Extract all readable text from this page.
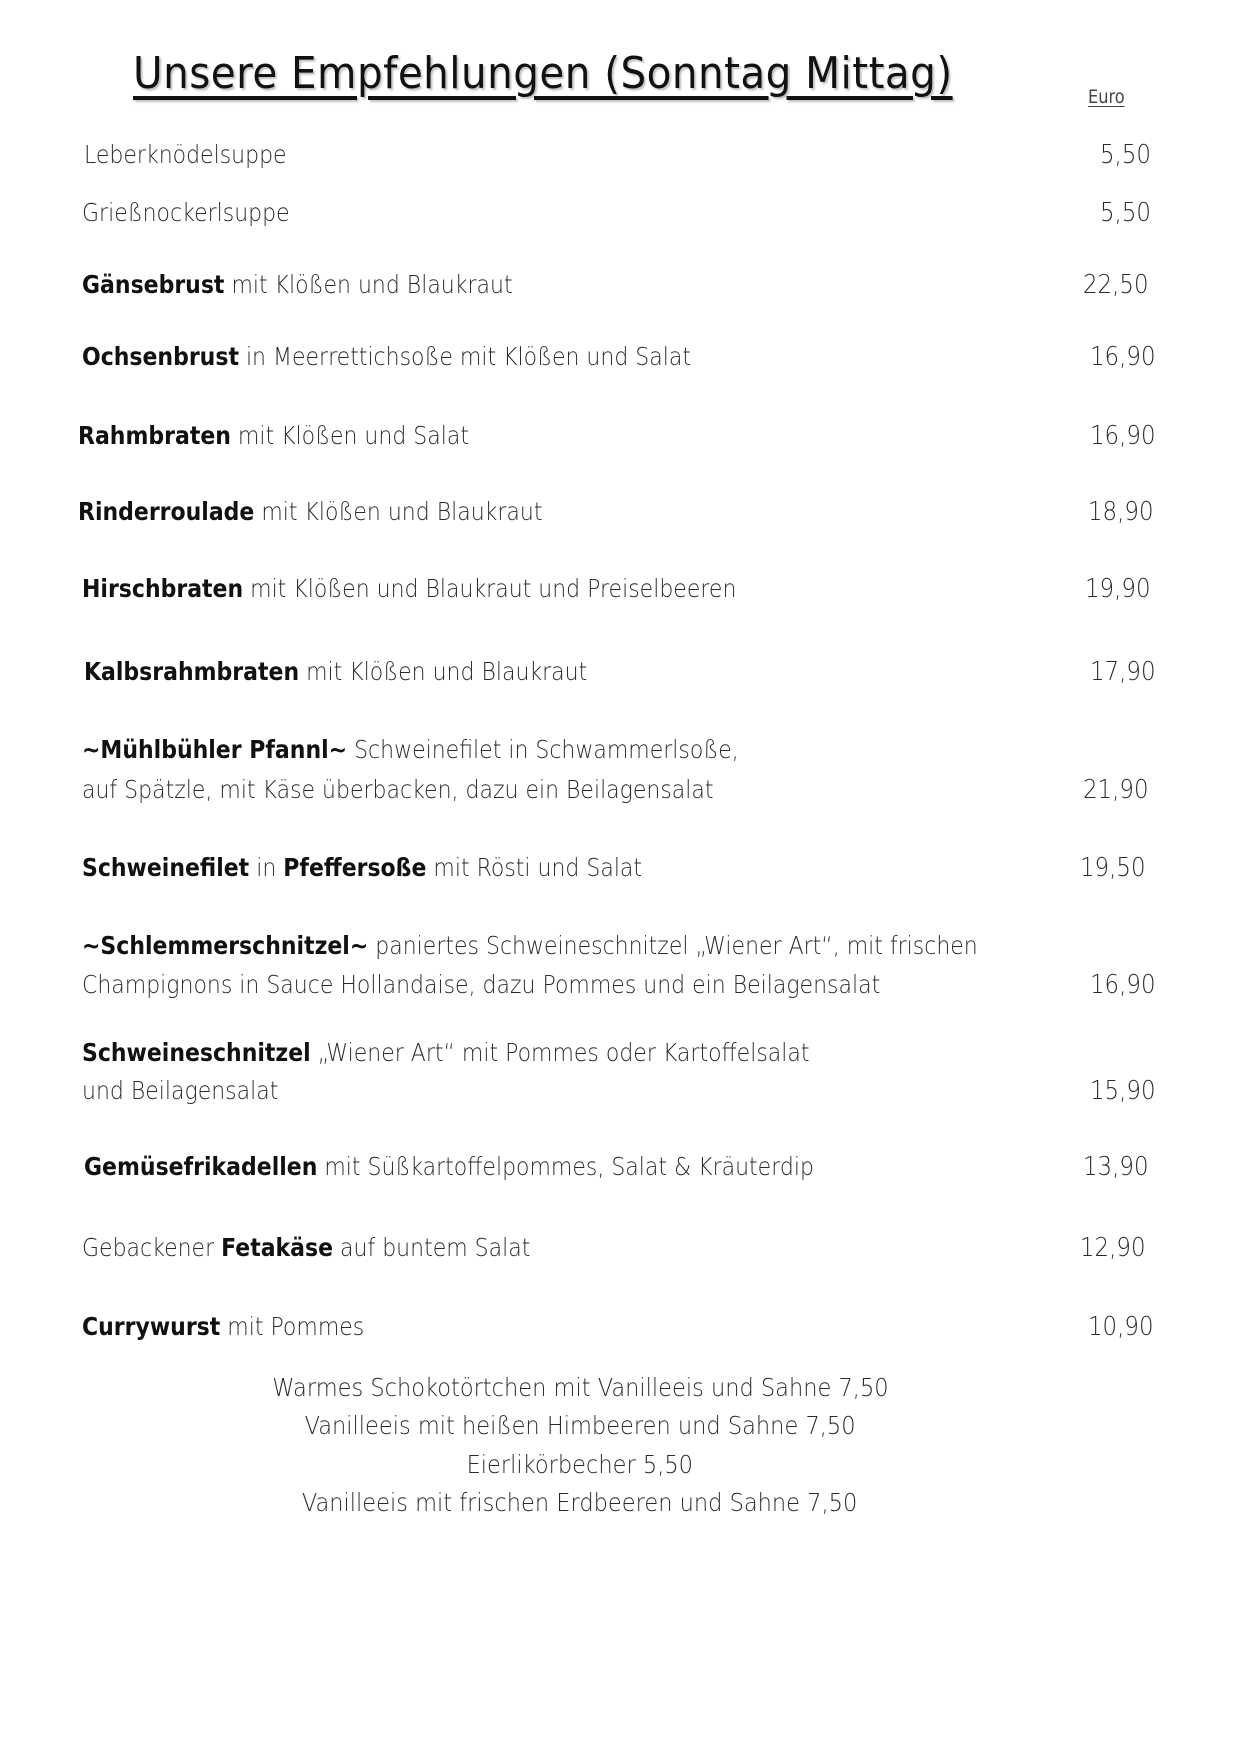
Unsere Empfehlungen (Sonntag Mittag)	Euro
Leberknödelsuppe	5,50
Grießnockerlsuppe	5,50
Gänsebrust mit Klößen und Blaukraut	22,50
Ochsenbrust in Meerrettichsoße mit Klößen und Salat	16,90
Rahmbraten mit Klößen und Salat	16,90
Rinderroulade mit Klößen und Blaukraut	18,90
Hirschbraten mit Klößen und Blaukraut und Preiselbeeren	19,90
Kalbsrahmbraten mit Klößen und Blaukraut	17,90
~Mühlbühler Pfannl~ Schweinefilet in Schwammerlsoße,
auf Spätzle, mit Käse überbacken, dazu ein Beilagensalat	21,90
Schweinefilet in Pfeffersoße mit Rösti und Salat	19,50
~Schlemmerschnitzel~ paniertes Schweineschnitzel „Wiener Art“, mit frischen
Champignons in Sauce Hollandaise, dazu Pommes und ein Beilagensalat	16,90
Schweineschnitzel „Wiener Art“ mit Pommes oder Kartoffelsalat
und Beilagensalat	15,90
Gemüsefrikadellen mit Süßkartoffelpommes, Salat & Kräuterdip	13,90
Gebackener Fetakäse auf buntem Salat	12,90
Currywurst mit Pommes	10,90
Warmes Schokotörtchen mit Vanilleeis und Sahne 7,50
Vanilleeis mit heißen Himbeeren und Sahne 7,50
Eierlikörbecher 5,50
Vanilleeis mit frischen Erdbeeren und Sahne 7,50
